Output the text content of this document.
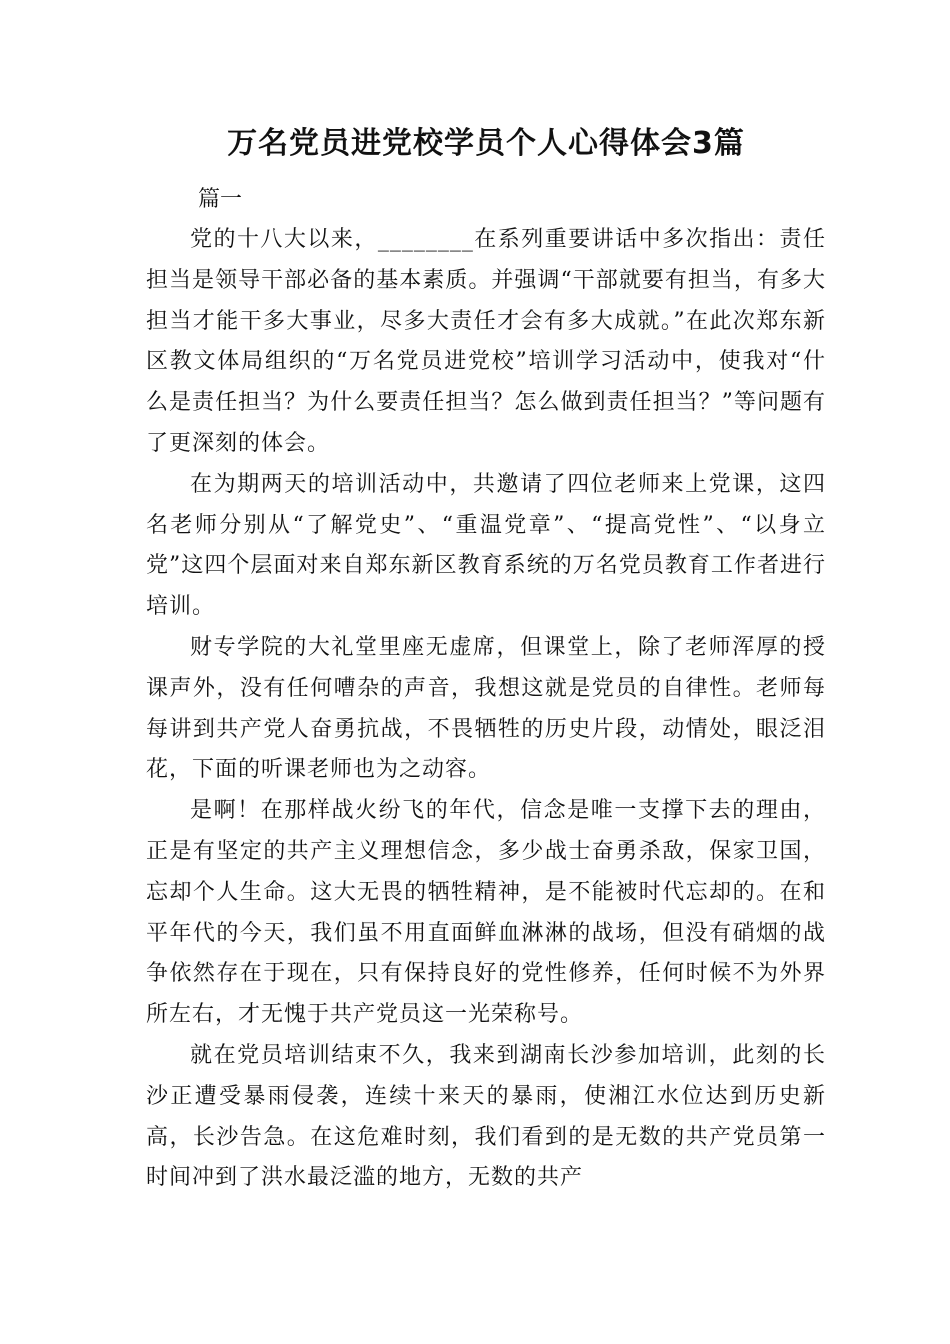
万名党员进党校学员个人心得体会3篇

篇一

党的十八大以来，________在系列重要讲话中多次指出：责任担当是领导干部必备的基本素质。并强调“干部就要有担当，有多大担当才能干多大事业，尽多大责任才会有多大成就。”在此次郑东新区教文体局组织的“万名党员进党校”培训学习活动中，使我对“什么是责任担当？为什么要责任担当？怎么做到责任担当？”等问题有了更深刻的体会。

在为期两天的培训活动中，共邀请了四位老师来上党课，这四名老师分别从“了解党史”、“重温党章”、“提高党性”、“以身立党”这四个层面对来自郑东新区教育系统的万名党员教育工作者进行培训。

财专学院的大礼堂里座无虚席，但课堂上，除了老师浑厚的授课声外，没有任何嘈杂的声音，我想这就是党员的自律性。老师每每讲到共产党人奋勇抗战，不畏牺牲的历史片段，动情处，眼泛泪花，下面的听课老师也为之动容。

是啊！在那样战火纷飞的年代，信念是唯一支撑下去的理由，正是有坚定的共产主义理想信念，多少战士奋勇杀敌，保家卫国，忘却个人生命。这大无畏的牺牲精神，是不能被时代忘却的。在和平年代的今天，我们虽不用直面鲜血淋淋的战场，但没有硝烟的战争依然存在于现在，只有保持良好的党性修养，任何时候不为外界所左右，才无愧于共产党员这一光荣称号。

就在党员培训结束不久，我来到湖南长沙参加培训，此刻的长沙正遭受暴雨侵袭，连续十来天的暴雨，使湘江水位达到历史新高，长沙告急。在这危难时刻，我们看到的是无数的共产党员第一时间冲到了洪水最泛滥的地方，无数的共产
